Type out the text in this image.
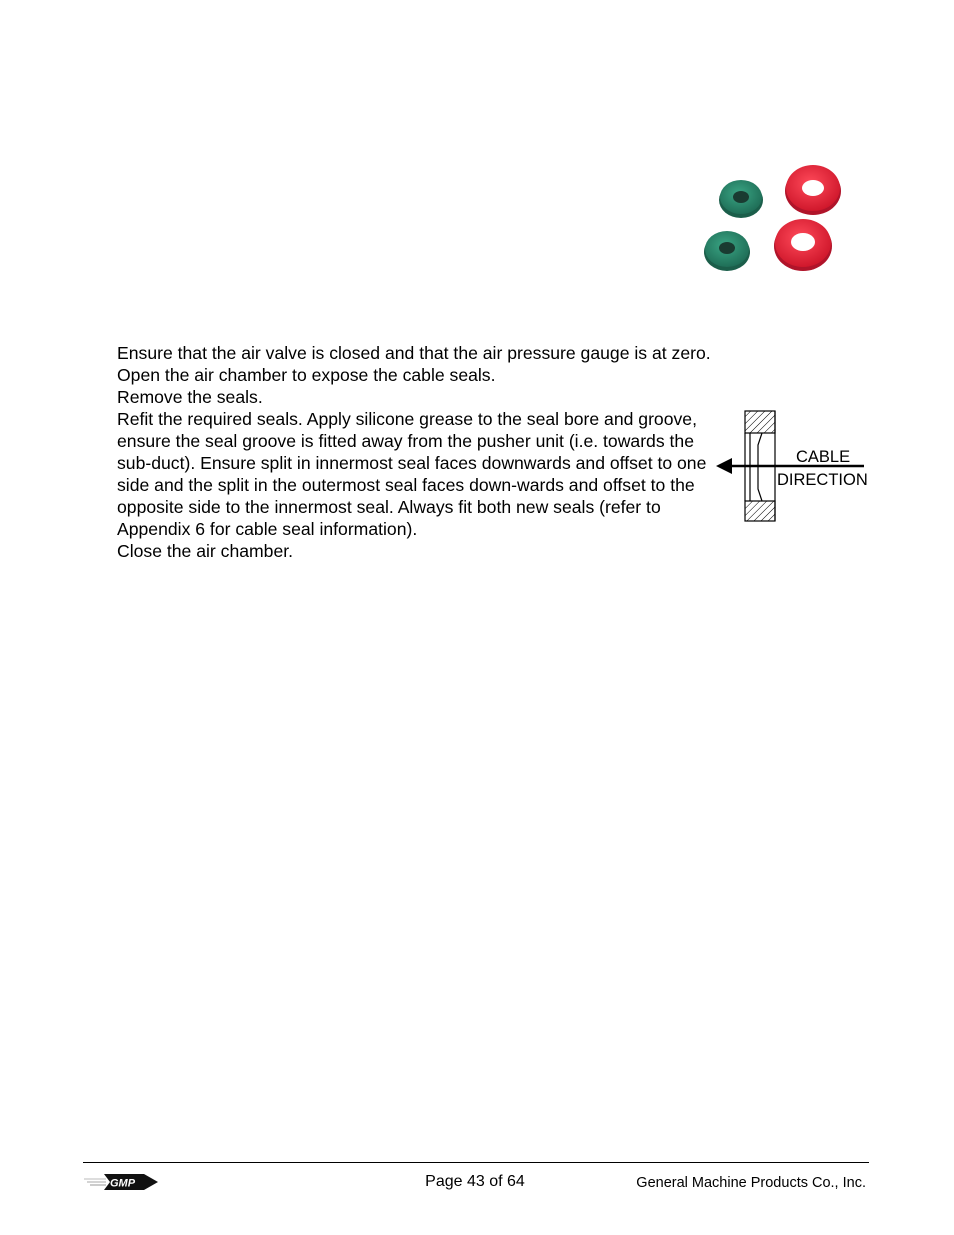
Ensure that the air valve is closed and that the air pressure gauge is at zero.
Open the air chamber to expose the cable seals.
Remove the seals.
Refit the required seals. Apply silicone grease to the seal bore and groove, ensure the seal groove is fitted away from the pusher unit (i.e. towards the sub-duct). Ensure split in innermost seal faces downwards and offset to one side and the split in the outermost seal faces down-wards and offset to the opposite side to the innermost seal. Always fit both new seals (refer to Appendix 6 for cable seal information).
Close the air chamber.
CABLE
DIRECTION
GMP	Page 43 of 64	General Machine Products Co., Inc.
